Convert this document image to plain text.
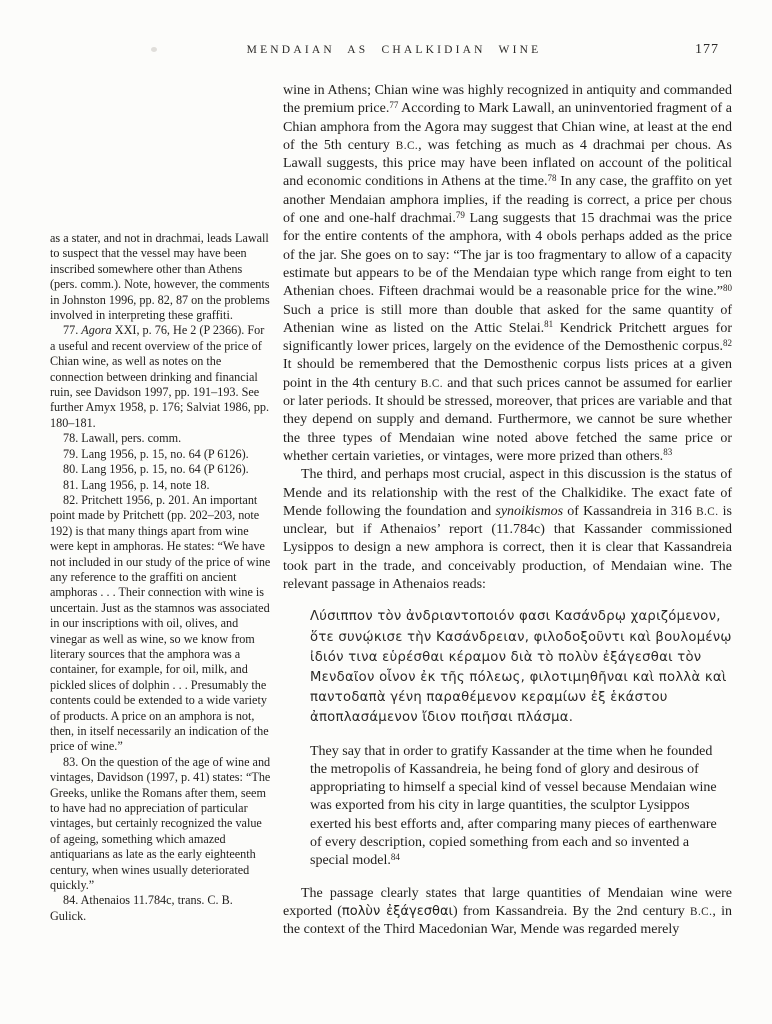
MENDAIAN AS CHALKIDIAN WINE	177

as a stater, and not in drachmai, leads Lawall to suspect that the vessel may have been inscribed somewhere other than Athens (pers. comm.). Note, however, the comments in Johnston 1996, pp. 82, 87 on the problems involved in interpreting these graffiti.

77. Agora XXI, p. 76, He 2 (P 2366). For a useful and recent overview of the price of Chian wine, as well as notes on the connection between drinking and financial ruin, see Davidson 1997, pp. 191–193. See further Amyx 1958, p. 176; Salviat 1986, pp. 180–181.

78. Lawall, pers. comm.

79. Lang 1956, p. 15, no. 64 (P 6126).

80. Lang 1956, p. 15, no. 64 (P 6126).

81. Lang 1956, p. 14, note 18.

82. Pritchett 1956, p. 201. An important point made by Pritchett (pp. 202–203, note 192) is that many things apart from wine were kept in amphoras. He states: “We have not included in our study of the price of wine any reference to the graffiti on ancient amphoras . . . Their connection with wine is uncertain. Just as the stamnos was associated in our inscriptions with oil, olives, and vinegar as well as wine, so we know from literary sources that the amphora was a container, for example, for oil, milk, and pickled slices of dolphin . . . Presumably the contents could be extended to a wide variety of products. A price on an amphora is not, then, in itself necessarily an indication of the price of wine.”

83. On the question of the age of wine and vintages, Davidson (1997, p. 41) states: “The Greeks, unlike the Romans after them, seem to have had no appreciation of particular vintages, but certainly recognized the value of ageing, something which amazed antiquarians as late as the early eighteenth century, when wines usually deteriorated quickly.”

84. Athenaios 11.784c, trans. C. B. Gulick.

wine in Athens; Chian wine was highly recognized in antiquity and commanded the premium price.$^{77}$ According to Mark Lawall, an uninventoried fragment of a Chian amphora from the Agora may suggest that Chian wine, at least at the end of the 5th century B.C., was fetching as much as 4 drachmai per chous. As Lawall suggests, this price may have been inflated on account of the political and economic conditions in Athens at the time.$^{78}$ In any case, the graffito on yet another Mendaian amphora implies, if the reading is correct, a price per chous of one and one-half drachmai.$^{79}$ Lang suggests that 15 drachmai was the price for the entire contents of the amphora, with 4 obols perhaps added as the price of the jar. She goes on to say: “The jar is too fragmentary to allow of a capacity estimate but appears to be of the Mendaian type which range from eight to ten Athenian choes. Fifteen drachmai would be a reasonable price for the wine.”$^{80}$ Such a price is still more than double that asked for the same quantity of Athenian wine as listed on the Attic Stelai.$^{81}$ Kendrick Pritchett argues for significantly lower prices, largely on the evidence of the Demosthenic corpus.$^{82}$ It should be remembered that the Demosthenic corpus lists prices at a given point in the 4th century B.C. and that such prices cannot be assumed for earlier or later periods. It should be stressed, moreover, that prices are variable and that they depend on supply and demand. Furthermore, we cannot be sure whether the three types of Mendaian wine noted above fetched the same price or whether certain varieties, or vintages, were more prized than others.$^{83}$

The third, and perhaps most crucial, aspect in this discussion is the status of Mende and its relationship with the rest of the Chalkidike. The exact fate of Mende following the foundation and synoikismos of Kassandreia in 316 B.C. is unclear, but if Athenaios’ report (11.784c) that Kassander commissioned Lysippos to design a new amphora is correct, then it is clear that Kassandreia took part in the trade, and conceivably production, of Mendaian wine. The relevant passage in Athenaios reads:

Λύσιππον τὸν ἀνδριαντοποιόν φασι Κασάνδρῳ χαριζόμενον,
ὅτε συνῴκισε τὴν Κασάνδρειαν, φιλοδοξοῦντι καὶ βουλομένῳ
ἰδιόν τινα εὑρέσθαι κέραμον διὰ τὸ πολὺν ἐξάγεσθαι τὸν
Μενδαῖον οἶνον ἐκ τῆς πόλεως, φιλοτιμηθῆναι καὶ πολλὰ καὶ
παντοδαπὰ γένη παραθέμενον κεραμίων ἐξ ἑκάστου
ἀποπλασάμενον ἴδιον ποιῆσαι πλάσμα.

They say that in order to gratify Kassander at the time when he founded the metropolis of Kassandreia, he being fond of glory and desirous of appropriating to himself a special kind of vessel because Mendaian wine was exported from his city in large quantities, the sculptor Lysippos exerted his best efforts and, after comparing many pieces of earthenware of every description, copied something from each and so invented a special model.$^{84}$

The passage clearly states that large quantities of Mendaian wine were exported (πολὺν ἐξάγεσθαι) from Kassandreia. By the 2nd century B.C., in the context of the Third Macedonian War, Mende was regarded merely
